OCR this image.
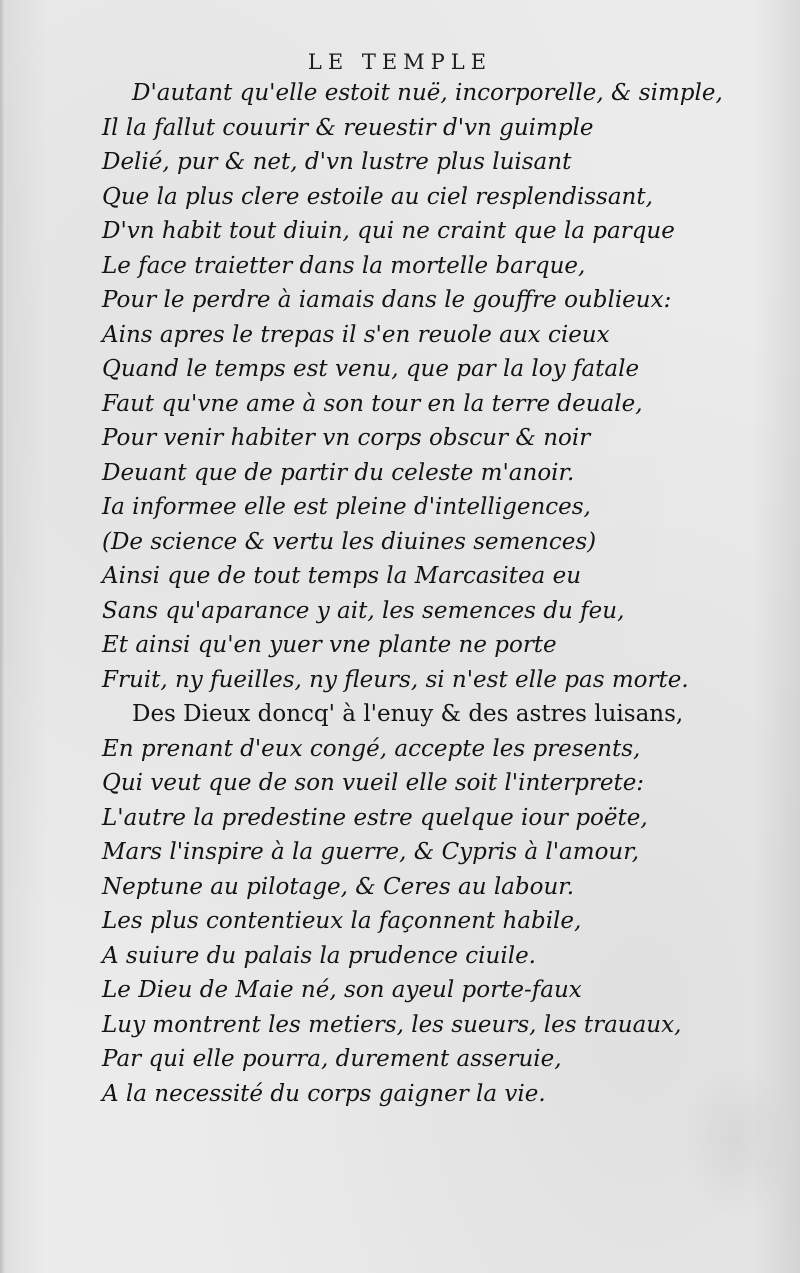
LE TEMPLE
D'autant qu'elle estoit nuë, incorporelle, & simple,
Il la fallut couurir & reuestir d'vn guimple
Delié, pur & net, d'vn lustre plus luisant
Que la plus clere estoile au ciel resplendissant,
D'vn habit tout diuin, qui ne craint que la parque
Le face traietter dans la mortelle barque,
Pour le perdre à iamais dans le gouffre oublieux:
Ains apres le trepas il s'en reuole aux cieux
Quand le temps est venu, que par la loy fatale
Faut qu'vne ame à son tour en la terre deuale,
Pour venir habiter vn corps obscur & noir
Deuant que de partir du celeste m'anoir.
Ia informee elle est pleine d'intelligences,
(De science & vertu les diuines semences)
Ainsi que de tout temps la Marcasitea eu
Sans qu'aparance y ait, les semences du feu,
Et ainsi qu'en yuer vne plante ne porte
Fruit, ny fueilles, ny fleurs, si n'est elle pas morte.
Des Dieux doncq' à l'enuy & des astres luisans,
En prenant d'eux congé, accepte les presents,
Qui veut que de son vueil elle soit l'interprete:
L'autre la predestine estre quelque iour poëte,
Mars l'inspire à la guerre, & Cypris à l'amour,
Neptune au pilotage, & Ceres au labour.
Les plus contentieux la façonnent habile,
A suiure du palais la prudence ciuile.
Le Dieu de Maie né, son ayeul porte-faux
Luy montrent les metiers, les sueurs, les trauaux,
Par qui elle pourra, durement asseruie,
A la necessité du corps gaigner la vie.
